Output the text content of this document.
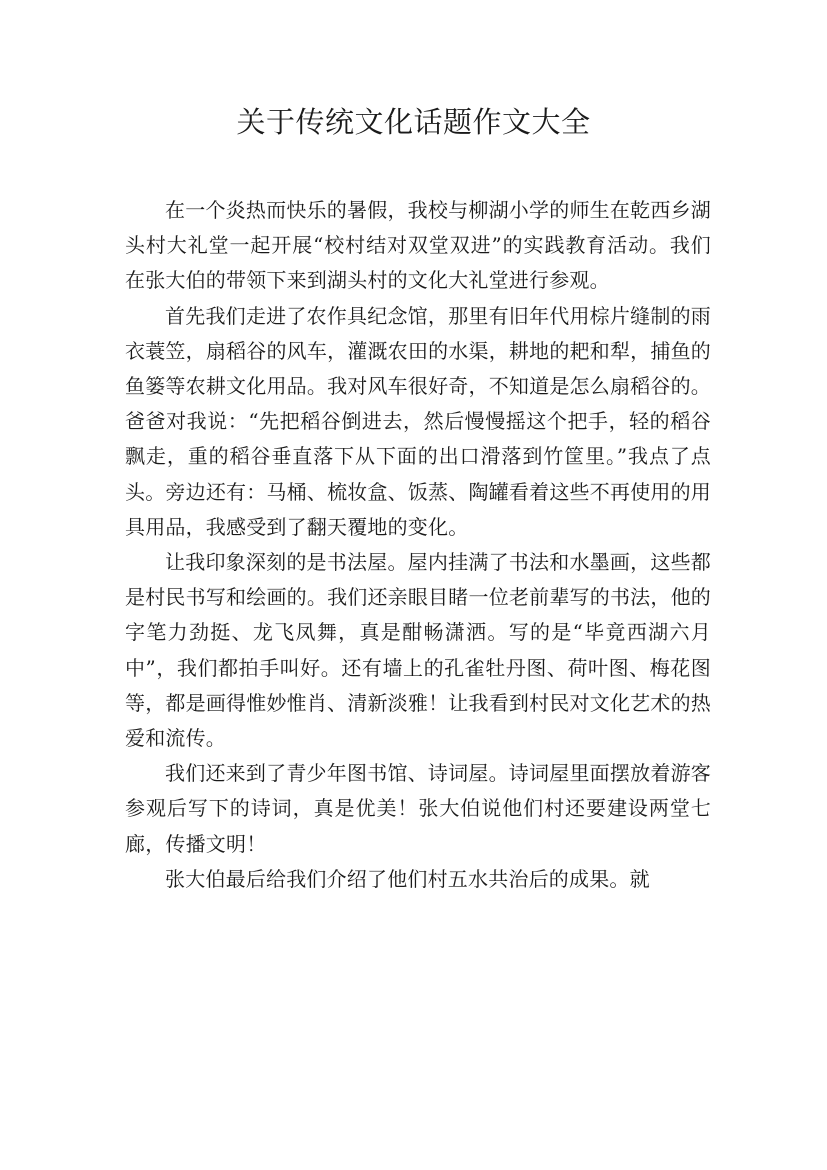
关于传统文化话题作文大全

在一个炎热而快乐的暑假，我校与柳湖小学的师生在乾西乡湖头村大礼堂一起开展“校村结对双堂双进”的实践教育活动。我们在张大伯的带领下来到湖头村的文化大礼堂进行参观。

首先我们走进了农作具纪念馆，那里有旧年代用棕片缝制的雨衣蓑笠，扇稻谷的风车，灌溉农田的水渠，耕地的耙和犁，捕鱼的鱼篓等农耕文化用品。我对风车很好奇，不知道是怎么扇稻谷的。爸爸对我说：“先把稻谷倒进去，然后慢慢摇这个把手，轻的稻谷飘走，重的稻谷垂直落下从下面的出口滑落到竹筐里。”我点了点头。旁边还有：马桶、梳妆盒、饭蒸、陶罐看着这些不再使用的用具用品，我感受到了翻天覆地的变化。

让我印象深刻的是书法屋。屋内挂满了书法和水墨画，这些都是村民书写和绘画的。我们还亲眼目睹一位老前辈写的书法，他的字笔力劲挺、龙飞凤舞，真是酣畅潇洒。写的是“毕竟西湖六月中”，我们都拍手叫好。还有墙上的孔雀牡丹图、荷叶图、梅花图等，都是画得惟妙惟肖、清新淡雅！让我看到村民对文化艺术的热爱和流传。

我们还来到了青少年图书馆、诗词屋。诗词屋里面摆放着游客参观后写下的诗词，真是优美！张大伯说他们村还要建设两堂七廊，传播文明！

张大伯最后给我们介绍了他们村五水共治后的成果。就
